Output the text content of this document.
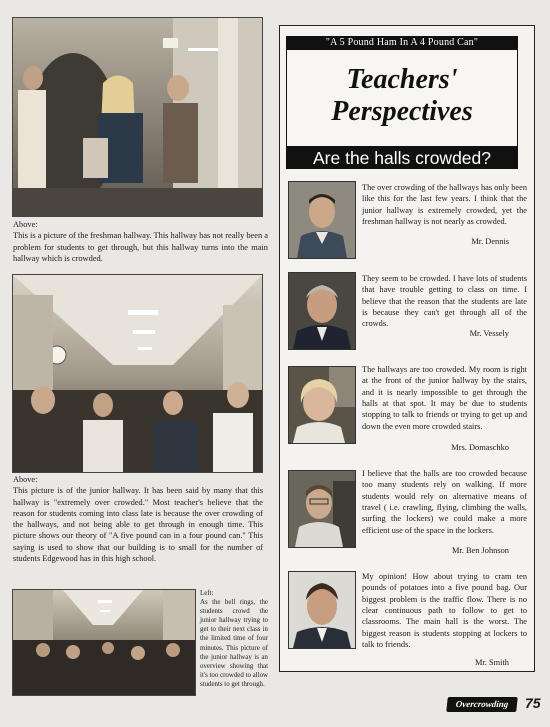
Above:
This is a picture of the freshman hallway. This hallway has not really been a problem for students to get through, but this hallway turns into the main hallway which is crowded.
Above:
This picture is of the junior hallway. It has been said by many that this hallway is "extremely over crowded." Most teacher's believe that the reason for students coming into class late is because the over crowding of the hallways, and not being able to get through in enough time. This picture shows our theory of "A five pound can in a four pound can." This saying is used to show that our building is to small for the number of students Edgewood has in this high school.
Left:
As the bell rings, the students crowd the junior hallway trying to get to their next class in the limited time of four minutes. This picture of the junior hallway is an overview showing that it's too crowded to allow students to get through.
"A 5 Pound Ham In A 4 Pound Can"
Teachers'
Perspectives
Are the halls crowded?
The over crowding of the hallways has only been like this for the last few years. I think that the junior hallway is extremely crowded, yet the freshman hallway is not nearly as crowded.
Mr. Dennis
They seem to be crowded. I have lots of students that have trouble getting to class on time. I believe that the reason that the students are late is because they can't get through all of the crowds.
Mr. Vessely
The hallways are too crowded. My room is right at the front of the junior hallway by the stairs, and it is nearly impossible to get through the halls at that spot. It may be due to students stopping to talk to friends or trying to get up and down the even more crowded stairs.
Mrs. Domaschko
I believe that the halls are too crowded because too many students rely on walking. If more students would rely on alternative means of travel ( i.e. crawling, flying, climbing the walls, surfing the lockers) we could make a more efficient use of the space in the lockers.
Mr. Ben Johnson
My opinion! How about trying to cram ten pounds of potatoes into a five pound bag. Our biggest problem is the traffic flow. There is no clear continuous path to follow to get to classrooms. The main hall is the worst. The biggest reason is students stopping at lockers to talk to friends.
Mr. Smith
Overcrowding	75
